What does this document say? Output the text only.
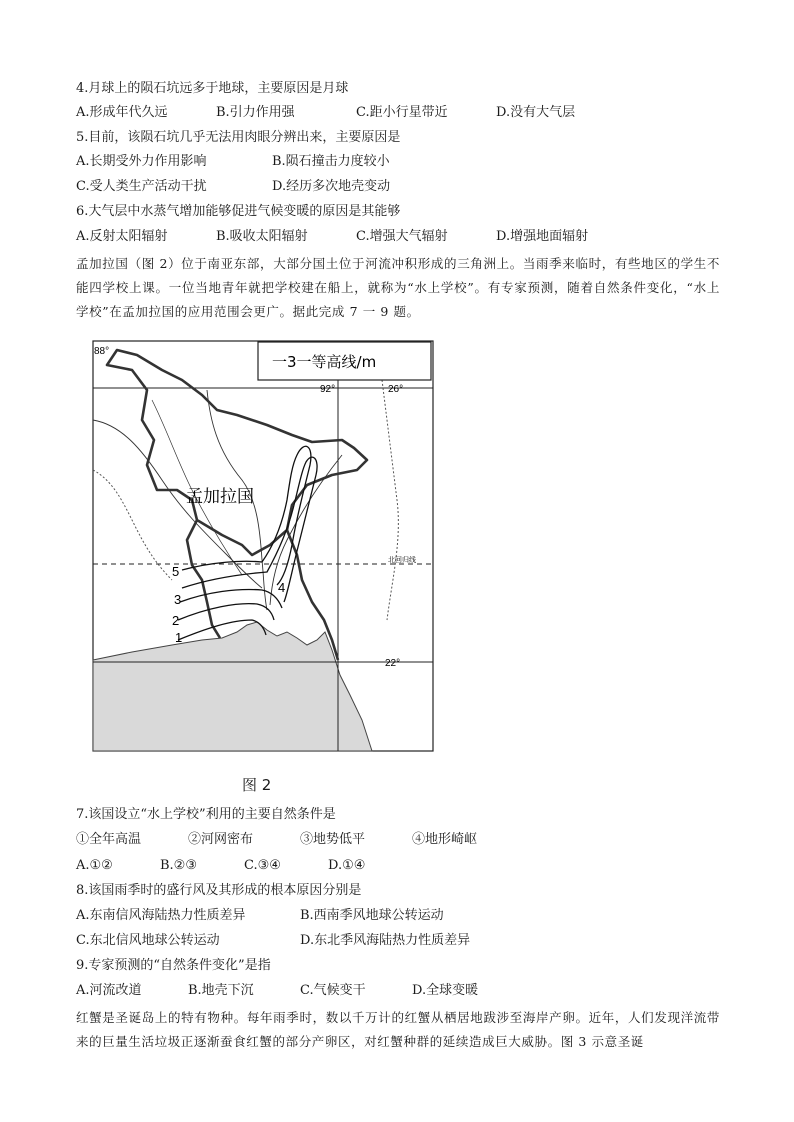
4.月球上的陨石坑远多于地球，主要原因是月球
A.形成年代久远	B.引力作用强	C.距小行星带近	D.没有大气层
5.目前，该陨石坑几乎无法用肉眼分辨出来，主要原因是
A.长期受外力作用影响	B.陨石撞击力度较小
C.受人类生产活动干扰	D.经历多次地壳变动
6.大气层中水蒸气增加能够促进气候变暖的原因是其能够
A.反射太阳辐射	B.吸收太阳辐射	C.增强大气辐射	D.增强地面辐射
孟加拉国（图 2）位于南亚东部，大部分国土位于河流冲积形成的三角洲上。当雨季来临时，有些地区的学生不能四学校上课。一位当地青年就把学校建在船上，就称为“水上学校”。有专家预测，随着自然条件变化，“水上学校”在孟加拉国的应用范围会更广。据此完成 7 一 9 题。
5
4
3
2
1
一3一等高线/m
88°
92°	26°
22°
北回归线
孟加拉国
图 2
7.该国设立“水上学校”利用的主要自然条件是
①全年高温	②河网密布	③地势低平	④地形崎岖
A.①②	B.②③	C.③④	D.①④
8.该国雨季时的盛行风及其形成的根本原因分别是
A.东南信风海陆热力性质差异	B.西南季风地球公转运动
C.东北信风地球公转运动	D.东北季风海陆热力性质差异
9.专家预测的“自然条件变化”是指
A.河流改道	B.地壳下沉	C.气候变干	D.全球变暖
红蟹是圣诞岛上的特有物种。每年雨季时，数以千万计的红蟹从栖居地跋涉至海岸产卵。近年，人们发现洋流带来的巨量生活垃圾正逐渐蚕食红蟹的部分产卵区，对红蟹种群的延续造成巨大威胁。图 3 示意圣诞
